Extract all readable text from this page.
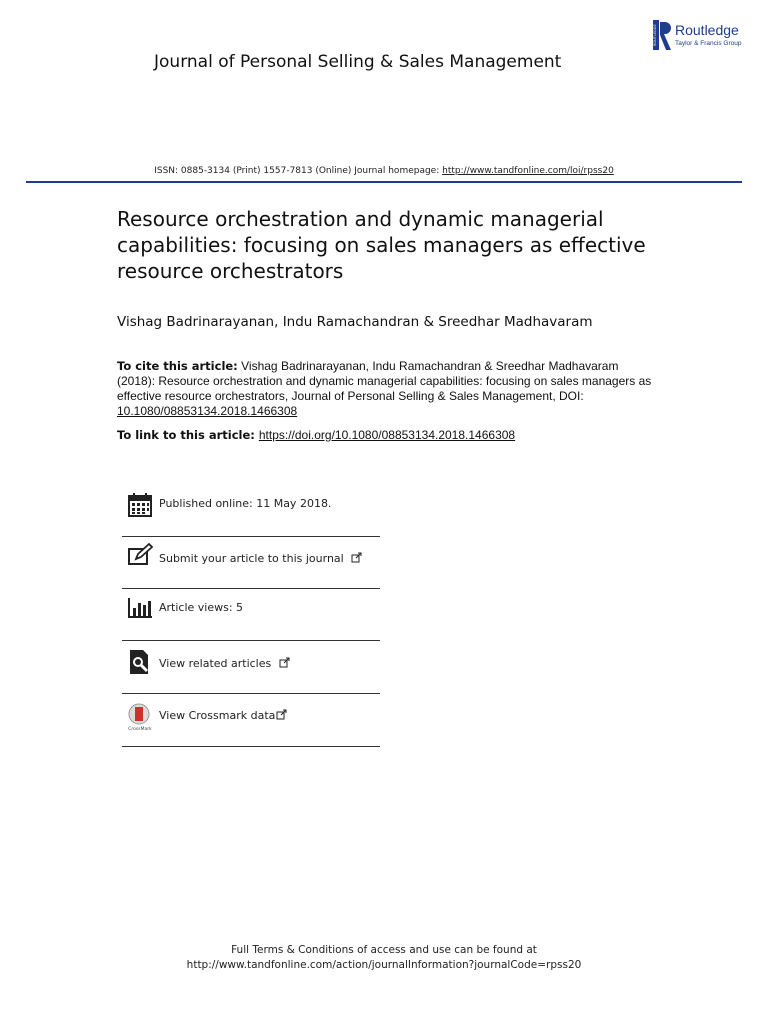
ROUTLEDGE Routledge
Taylor & Francis Group
Journal of Personal Selling & Sales Management
ISSN: 0885-3134 (Print) 1557-7813 (Online) Journal homepage: http://www.tandfonline.com/loi/rpss20
Resource orchestration and dynamic managerial capabilities: focusing on sales managers as effective resource orchestrators
Vishag Badrinarayanan, Indu Ramachandran & Sreedhar Madhavaram
To cite this article: Vishag Badrinarayanan, Indu Ramachandran & Sreedhar Madhavaram (2018): Resource orchestration and dynamic managerial capabilities: focusing on sales managers as effective resource orchestrators, Journal of Personal Selling & Sales Management, DOI: 10.1080/08853134.2018.1466308
To link to this article: https://doi.org/10.1080/08853134.2018.1466308
Published online: 11 May 2018.
Submit your article to this journal
Article views: 5
View related articles
CrossMark
View Crossmark data
Full Terms & Conditions of access and use can be found at
http://www.tandfonline.com/action/journalInformation?journalCode=rpss20
